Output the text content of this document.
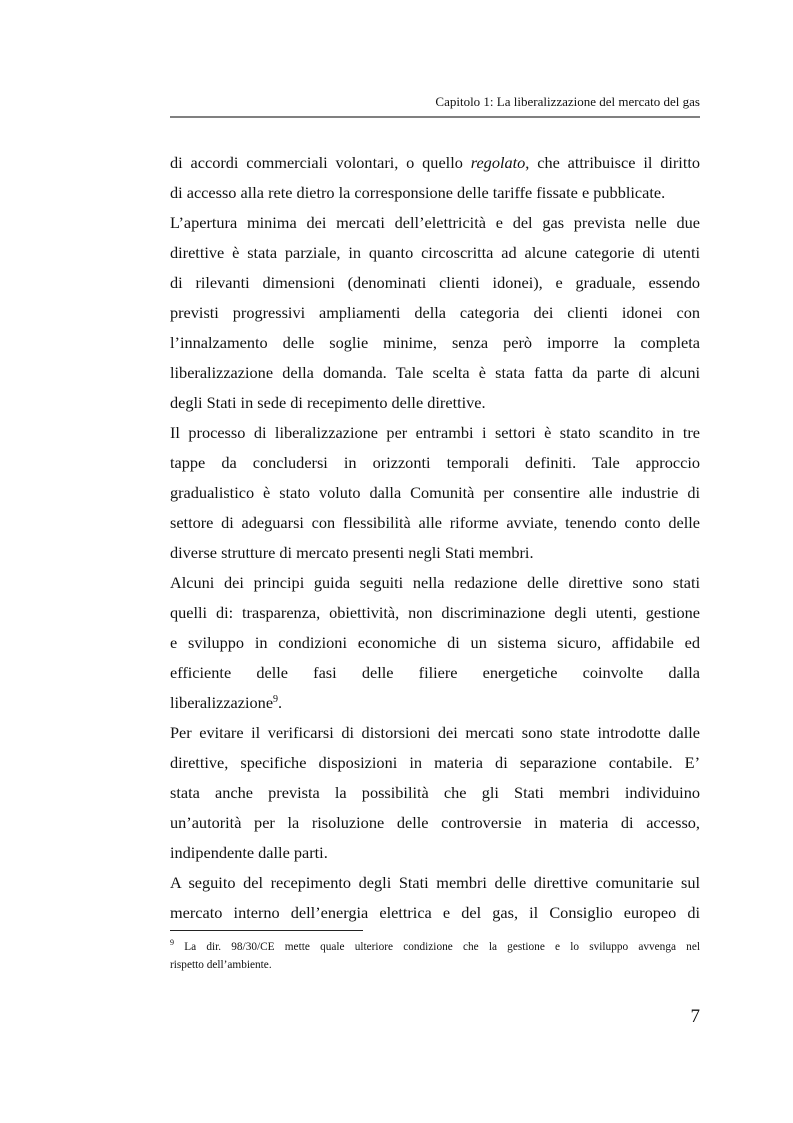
Capitolo 1: La liberalizzazione del mercato del gas
di accordi commerciali volontari, o quello regolato, che attribuisce il diritto
di accesso alla rete dietro la corresponsione delle tariffe fissate e pubblicate.
L’apertura minima dei mercati dell’elettricità e del gas prevista nelle due
direttive è stata parziale, in quanto circoscritta ad alcune categorie di utenti
di rilevanti dimensioni (denominati clienti idonei), e graduale, essendo
previsti progressivi ampliamenti della categoria dei clienti idonei con
l’innalzamento delle soglie minime, senza però imporre la completa
liberalizzazione della domanda. Tale scelta è stata fatta da parte di alcuni
degli Stati in sede di recepimento delle direttive.
Il processo di liberalizzazione per entrambi i settori è stato scandito in tre
tappe da concludersi in orizzonti temporali definiti. Tale approccio
gradualistico è stato voluto dalla Comunità per consentire alle industrie di
settore di adeguarsi con flessibilità alle riforme avviate, tenendo conto delle
diverse strutture di mercato presenti negli Stati membri.
Alcuni dei principi guida seguiti nella redazione delle direttive sono stati
quelli di: trasparenza, obiettività, non discriminazione degli utenti, gestione
e sviluppo in condizioni economiche di un sistema sicuro, affidabile ed
efficiente delle fasi delle filiere energetiche coinvolte dalla
liberalizzazione$^9$.
Per evitare il verificarsi di distorsioni dei mercati sono state introdotte dalle
direttive, specifiche disposizioni in materia di separazione contabile. E’
stata anche prevista la possibilità che gli Stati membri individuino
un’autorità per la risoluzione delle controversie in materia di accesso,
indipendente dalle parti.
A seguito del recepimento degli Stati membri delle direttive comunitarie sul
mercato interno dell’energia elettrica e del gas, il Consiglio europeo di
$^9$ La dir. 98/30/CE mette quale ulteriore condizione che la gestione e lo sviluppo avvenga nel
rispetto dell’ambiente.
7
